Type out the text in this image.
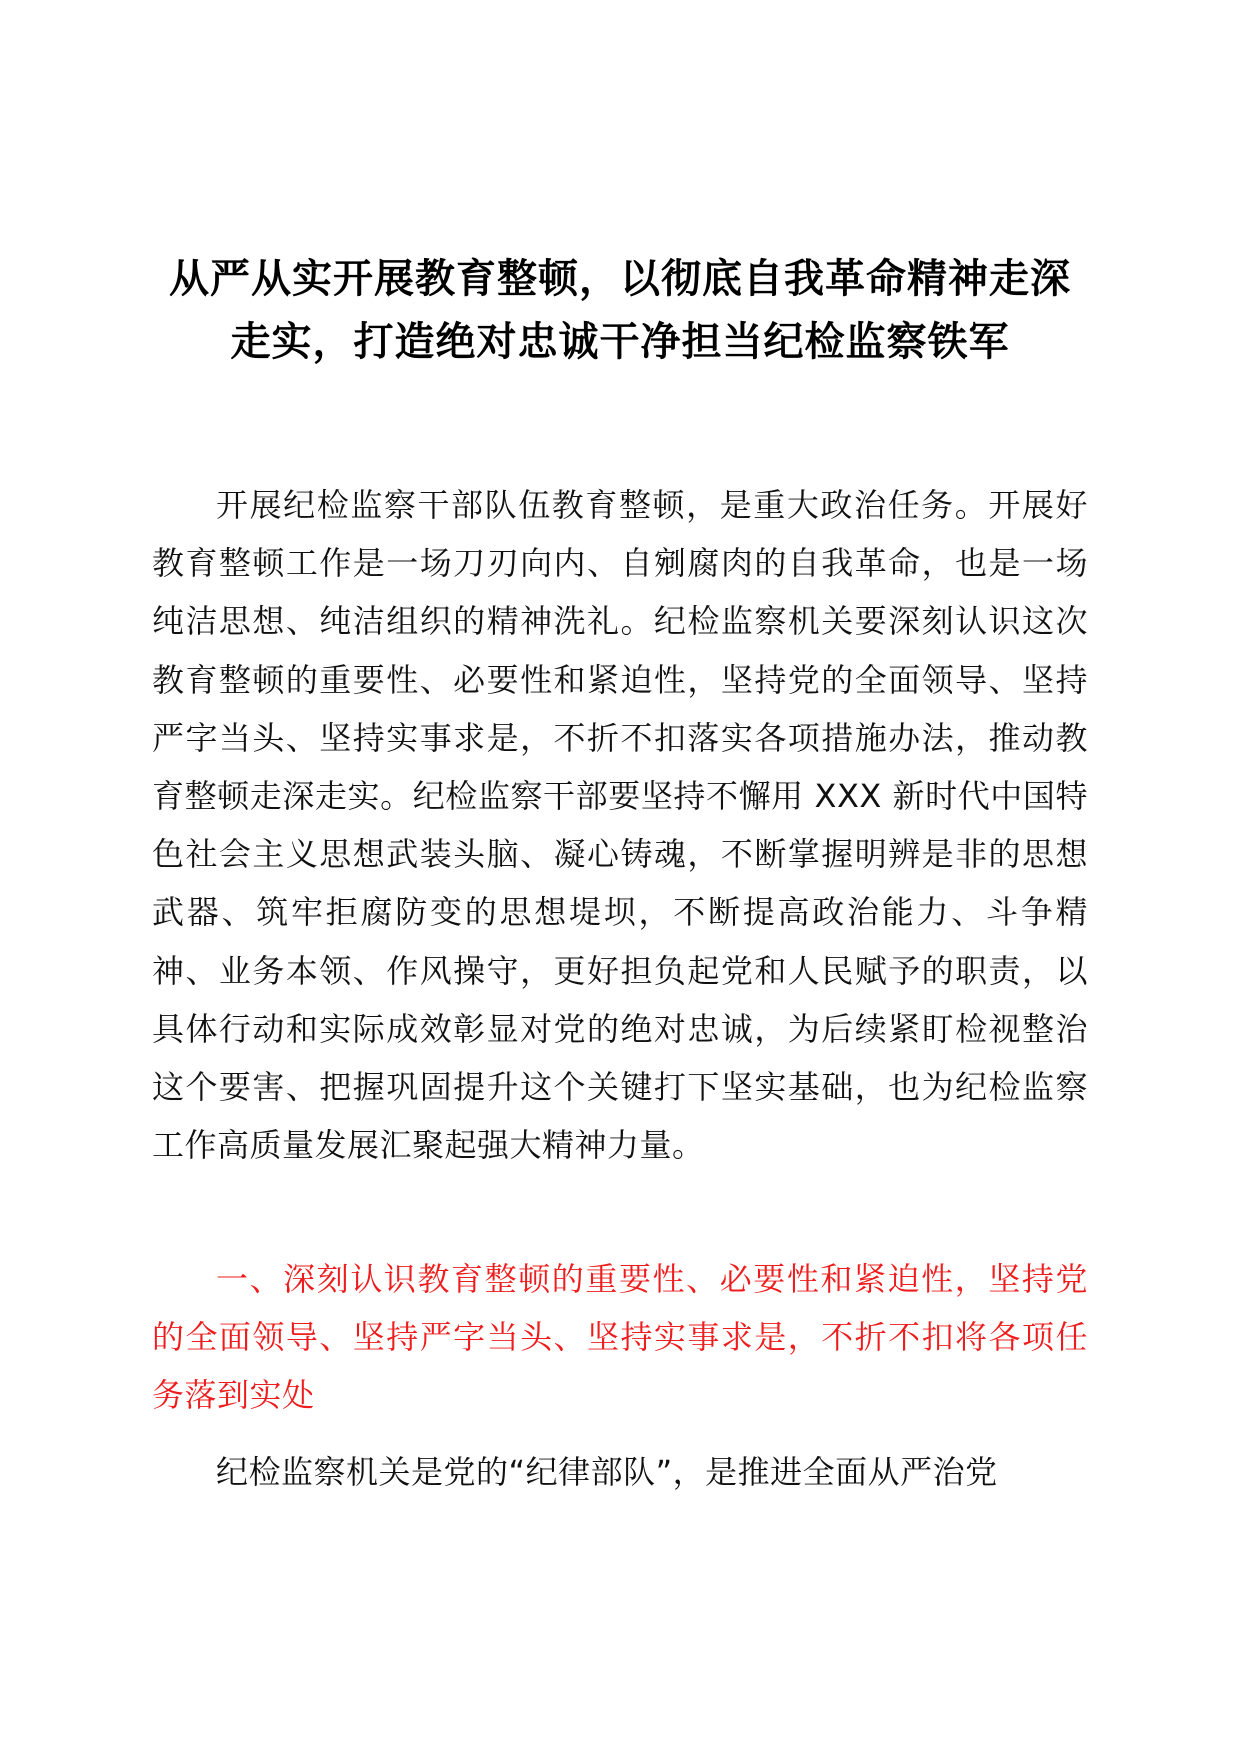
从严从实开展教育整顿，以彻底自我革命精神走深走实，打造绝对忠诚干净担当纪检监察铁军

开展纪检监察干部队伍教育整顿，是重大政治任务。开展好教育整顿工作是一场刀刃向内、自剜腐肉的自我革命，也是一场纯洁思想、纯洁组织的精神洗礼。纪检监察机关要深刻认识这次教育整顿的重要性、必要性和紧迫性，坚持党的全面领导、坚持严字当头、坚持实事求是，不折不扣落实各项措施办法，推动教育整顿走深走实。纪检监察干部要坚持不懈用 XXX 新时代中国特色社会主义思想武装头脑、凝心铸魂，不断掌握明辨是非的思想武器、筑牢拒腐防变的思想堤坝，不断提高政治能力、斗争精神、业务本领、作风操守，更好担负起党和人民赋予的职责，以具体行动和实际成效彰显对党的绝对忠诚，为后续紧盯检视整治这个要害、把握巩固提升这个关键打下坚实基础，也为纪检监察工作高质量发展汇聚起强大精神力量。

一、深刻认识教育整顿的重要性、必要性和紧迫性，坚持党的全面领导、坚持严字当头、坚持实事求是，不折不扣将各项任务落到实处

纪检监察机关是党的“纪律部队”，是推进全面从严治党
